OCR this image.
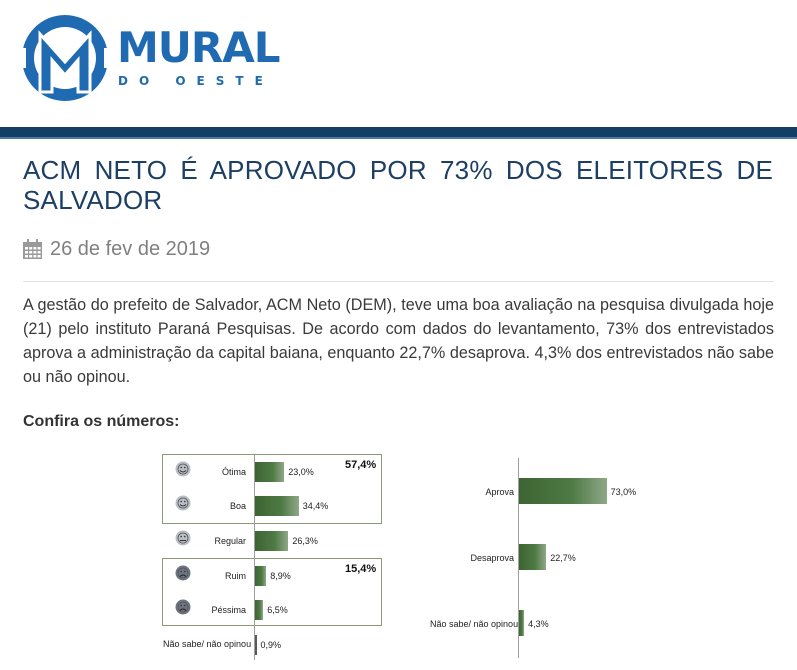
MURAL
DO OESTE
ACM NETO É APROVADO POR 73% DOS ELEITORES DE SALVADOR
26 de fev de 2019

A gestão do prefeito de Salvador, ACM Neto (DEM), teve uma boa avaliação na pesquisa divulgada hoje (21) pelo instituto Paraná Pesquisas. De acordo com dados do levantamento, 73% dos entrevistados aprova a administração da capital baiana, enquanto 22,7% desaprova. 4,3% dos entrevistados não sabe ou não opinou.

Confira os números:

57,4%
15,4%
Ótima
Boa
Regular
Ruim
Péssima
Não sabe/ não opinou
23,0%
34,4%
26,3%
8,9%
6,5%
0,9%
Aprova
Desaprova
Não sabe/ não opinou
73,0%
22,7%
4,3%
